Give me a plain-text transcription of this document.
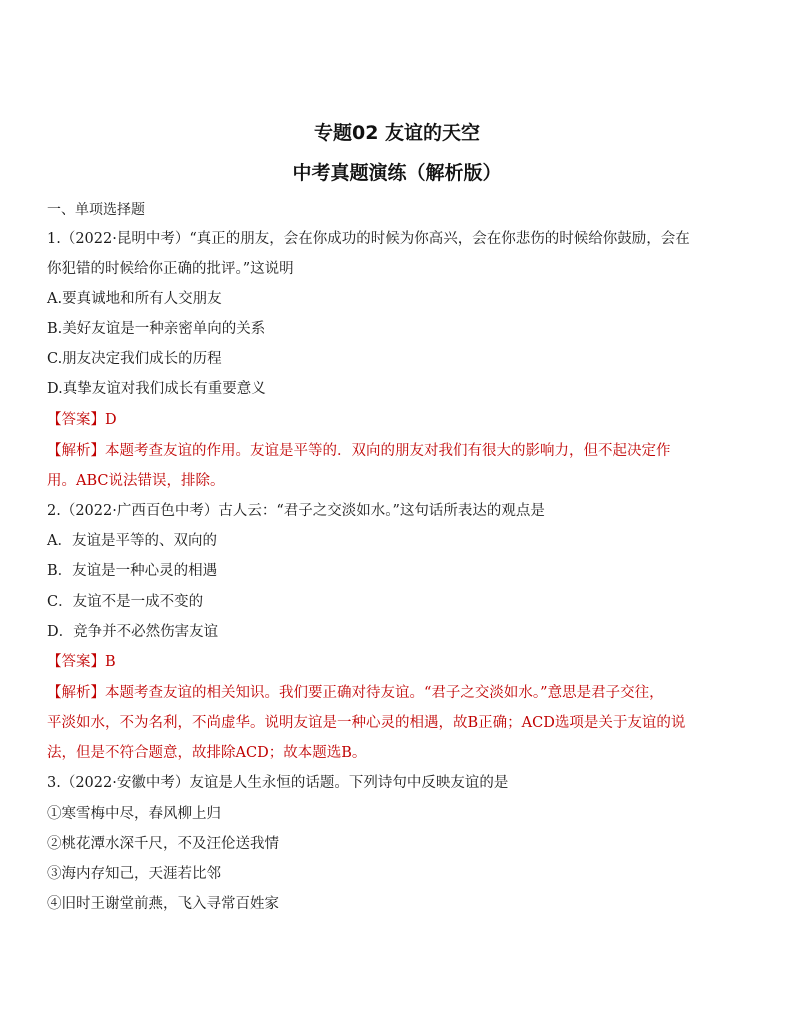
专题02 友谊的天空
中考真题演练（解析版）
一、单项选择题
1.（2022·昆明中考）“真正的朋友，会在你成功的时候为你高兴，会在你悲伤的时候给你鼓励，会在
你犯错的时候给你正确的批评。”这说明
A.要真诚地和所有人交朋友
B.美好友谊是一种亲密单向的关系
C.朋友决定我们成长的历程
D.真挚友谊对我们成长有重要意义
【答案】D
【解析】本题考查友谊的作用。友谊是平等的．双向的朋友对我们有很大的影响力，但不起决定作
用。ABC说法错误，排除。
2.（2022·广西百色中考）古人云：“君子之交淡如水。”这句话所表达的观点是
A．友谊是平等的、双向的
B．友谊是一种心灵的相遇
C．友谊不是一成不变的
D．竞争并不必然伤害友谊
【答案】B
【解析】本题考查友谊的相关知识。我们要正确对待友谊。“君子之交淡如水。”意思是君子交往，
平淡如水，不为名利，不尚虚华。说明友谊是一种心灵的相遇，故B正确；ACD选项是关于友谊的说
法，但是不符合题意，故排除ACD；故本题选B。
3.（2022·安徽中考）友谊是人生永恒的话题。下列诗句中反映友谊的是
①寒雪梅中尽，春风柳上归
②桃花潭水深千尺，不及汪伦送我情
③海内存知己，天涯若比邻
④旧时王谢堂前燕，飞入寻常百姓家
